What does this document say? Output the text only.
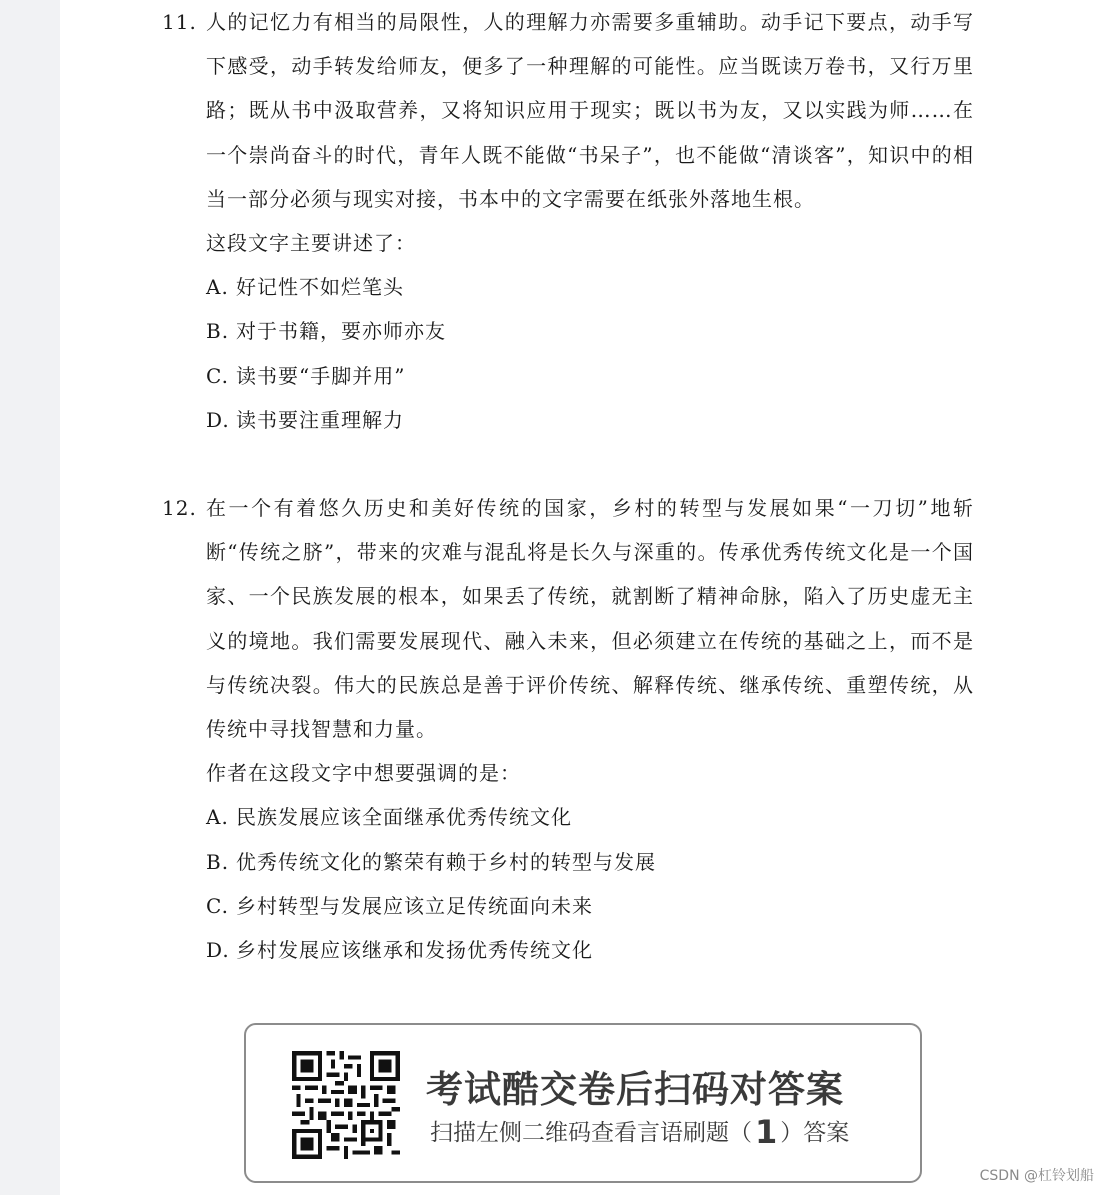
11. 人的记忆力有相当的局限性，人的理解力亦需要多重辅助。动手记下要点，动手写下感受，动手转发给师友，便多了一种理解的可能性。应当既读万卷书，又行万里路；既从书中汲取营养，又将知识应用于现实；既以书为友，又以实践为师……在一个崇尚奋斗的时代，青年人既不能做“书呆子”，也不能做“清谈客”，知识中的相当一部分必须与现实对接，书本中的文字需要在纸张外落地生根。
这段文字主要讲述了：
A. 好记性不如烂笔头
B. 对于书籍，要亦师亦友
C. 读书要“手脚并用”
D. 读书要注重理解力
12. 在一个有着悠久历史和美好传统的国家，乡村的转型与发展如果“一刀切”地斩断“传统之脐”，带来的灾难与混乱将是长久与深重的。传承优秀传统文化是一个国家、一个民族发展的根本，如果丢了传统，就割断了精神命脉，陷入了历史虚无主义的境地。我们需要发展现代、融入未来，但必须建立在传统的基础之上，而不是与传统决裂。伟大的民族总是善于评价传统、解释传统、继承传统、重塑传统，从传统中寻找智慧和力量。
作者在这段文字中想要强调的是：
A. 民族发展应该全面继承优秀传统文化
B. 优秀传统文化的繁荣有赖于乡村的转型与发展
C. 乡村转型与发展应该立足传统面向未来
D. 乡村发展应该继承和发扬优秀传统文化
考试酷交卷后扫码对答案
扫描左侧二维码查看言语刷题（1 ）答案
CSDN @杠铃划船
